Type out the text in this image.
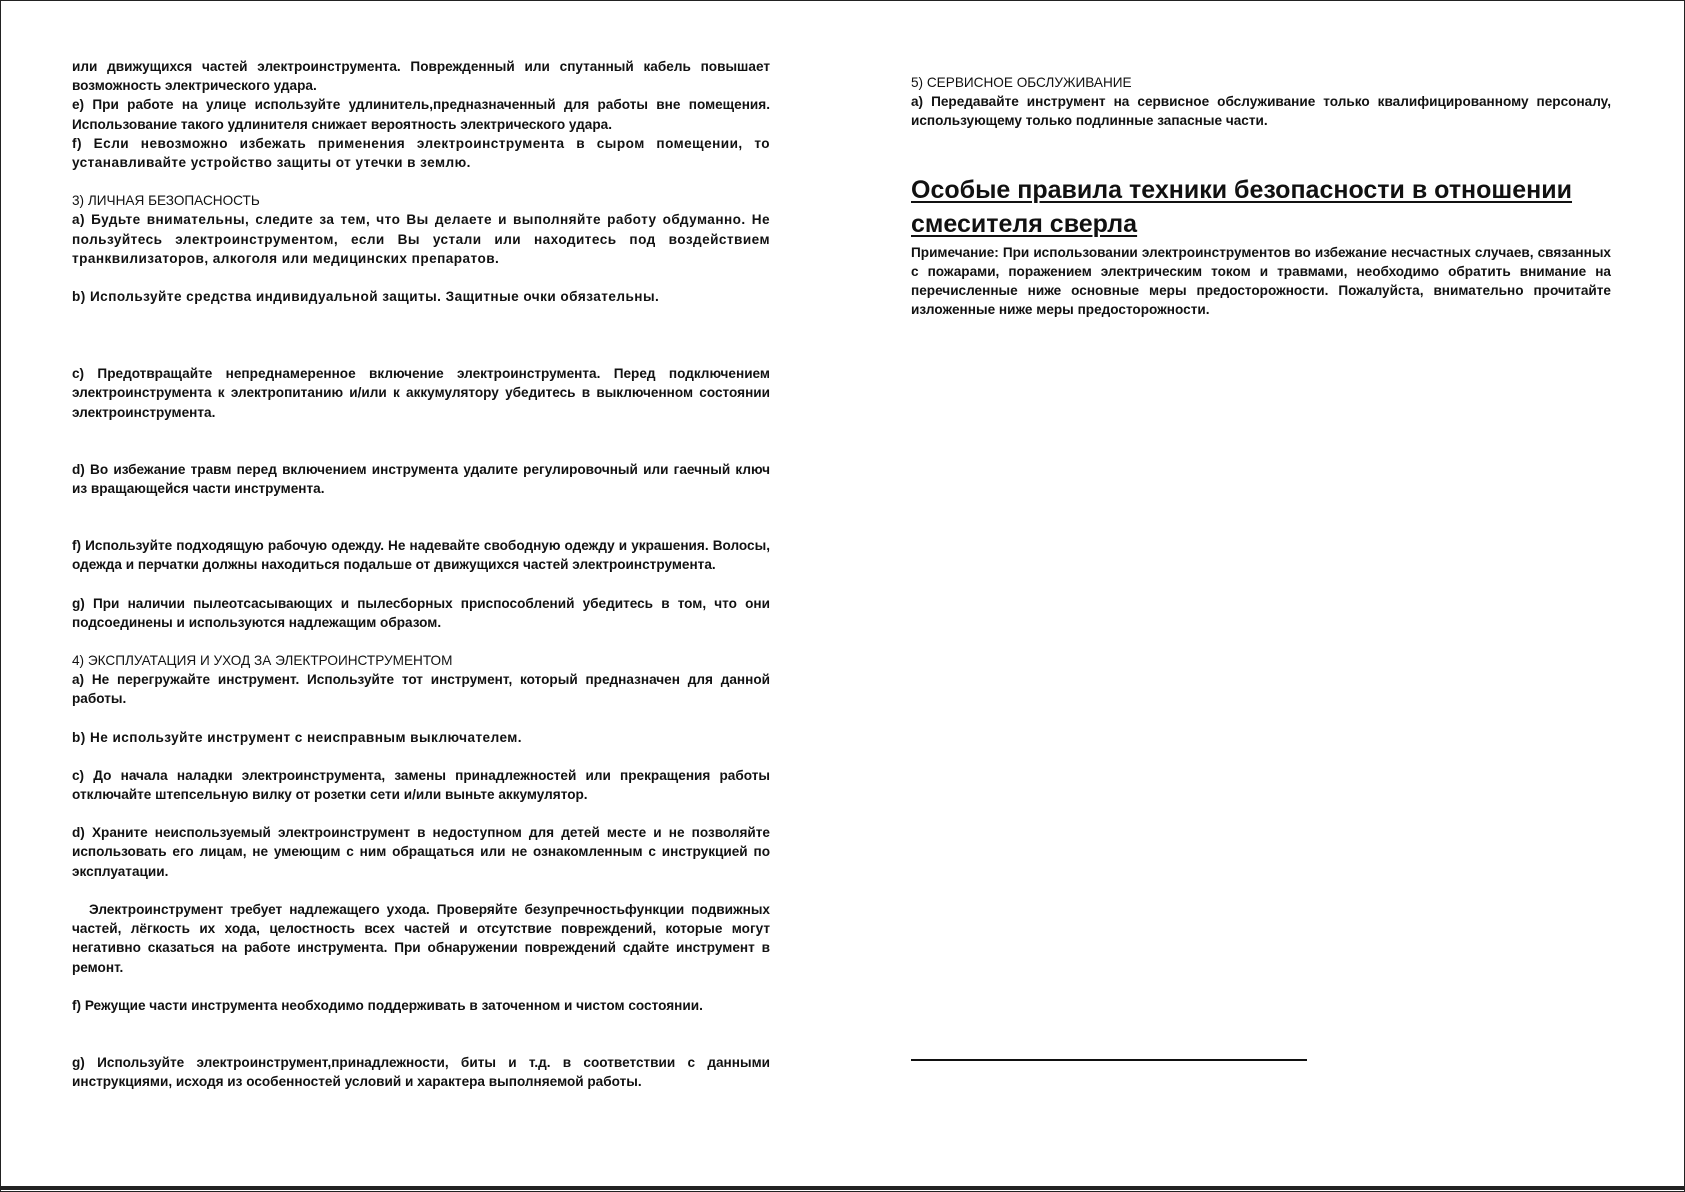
или движущихся частей электроинструмента. Поврежденный или спутанный кабель повышает возможность электрического удара.

e) При работе на улице используйте удлинитель,предназначенный для работы вне помещения. Использование такого удлинителя снижает вероятность электрического удара.

f) Если невозможно избежать применения электроинструмента в сыром помещении, то устанавливайте устройство защиты от утечки в землю.

3) ЛИЧНАЯ БЕЗОПАСНОСТЬ

а) Будьте внимательны, следите за тем, что Вы делаете и выполняйте работу обдуманно. Не пользуйтесь электроинструментом, если Вы устали или находитесь под воздействием транквилизаторов, алкоголя или медицинских препаратов.

b) Используйте средства индивидуальной защиты. Защитные очки обязательны.

c) Предотвращайте непреднамеренное включение электроинструмента. Перед подключением электроинструмента к электропитанию и/или к аккумулятору убедитесь в выключенном состоянии электроинструмента.

d) Во избежание травм перед включением инструмента удалите регулировочный или гаечный ключ из вращающейся части инструмента.

f) Используйте подходящую рабочую одежду. Не надевайте свободную одежду и украшения. Волосы, одежда и перчатки должны находиться подальше от движущихся частей электроинструмента.

g) При наличии пылеотсасывающих и пылесборных приспособлений убедитесь в том, что они подсоединены и используются надлежащим образом.

4) ЭКСПЛУАТАЦИЯ И УХОД ЗА ЭЛЕКТРОИНСТРУМЕНТОМ

a) Не перегружайте инструмент. Используйте тот инструмент, который предназначен для данной работы.

b) Не используйте инструмент с неисправным выключателем.

c) До начала наладки электроинструмента, замены принадлежностей или прекращения работы отключайте штепсельную вилку от розетки сети и/или выньте аккумулятор.

d) Храните неиспользуемый электроинструмент в недоступном для детей месте и не позволяйте использовать его лицам, не умеющим с ним обращаться или не ознакомленным с инструкцией по эксплуатации.

Электроинструмент требует надлежащего ухода. Проверяйте безупречностьфункции подвижных частей, лёгкость их хода, целостность всех частей и отсутствие повреждений, которые могут негативно сказаться на работе инструмента. При обнаружении повреждений сдайте инструмент в ремонт.

f) Режущие части инструмента необходимо поддерживать в заточенном и чистом состоянии.

g) Используйте электроинструмент,принадлежности, биты и т.д. в соответствии с данными инструкциями, исходя из особенностей условий и характера выполняемой работы.

5) СЕРВИСНОЕ ОБСЛУЖИВАНИЕ

а) Передавайте инструмент на сервисное обслуживание только квалифицированному персоналу, использующему только подлинные запасные части.

Особые правила техники безопасности в отношении смесителя сверла

Примечание: При использовании электроинструментов во избежание несчастных случаев, связанных с пожарами, поражением электрическим током и травмами, необходимо обратить внимание на перечисленные ниже основные меры предосторожности. Пожалуйста, внимательно прочитайте изложенные ниже меры предосторожности.
